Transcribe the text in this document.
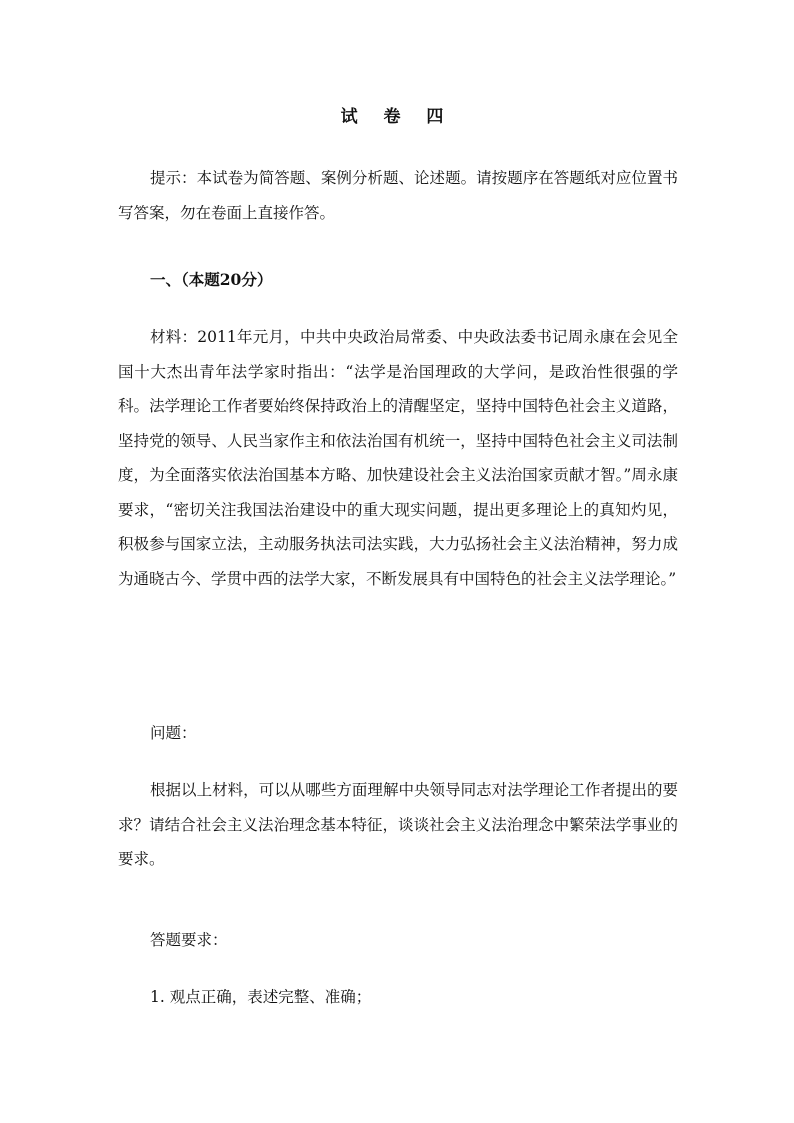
试 卷 四

提示：本试卷为简答题、案例分析题、论述题。请按题序在答题纸对应位置书写答案，勿在卷面上直接作答。

一、（本题20分）

材料：2011年元月，中共中央政治局常委、中央政法委书记周永康在会见全国十大杰出青年法学家时指出：“法学是治国理政的大学问，是政治性很强的学科。法学理论工作者要始终保持政治上的清醒坚定，坚持中国特色社会主义道路，坚持党的领导、人民当家作主和依法治国有机统一，坚持中国特色社会主义司法制度，为全面落实依法治国基本方略、加快建设社会主义法治国家贡献才智。”周永康要求，“密切关注我国法治建设中的重大现实问题，提出更多理论上的真知灼见，积极参与国家立法，主动服务执法司法实践，大力弘扬社会主义法治精神，努力成为通晓古今、学贯中西的法学大家，不断发展具有中国特色的社会主义法学理论。”

问题：

根据以上材料，可以从哪些方面理解中央领导同志对法学理论工作者提出的要求？请结合社会主义法治理念基本特征，谈谈社会主义法治理念中繁荣法学事业的要求。

答题要求：

1. 观点正确，表述完整、准确；
